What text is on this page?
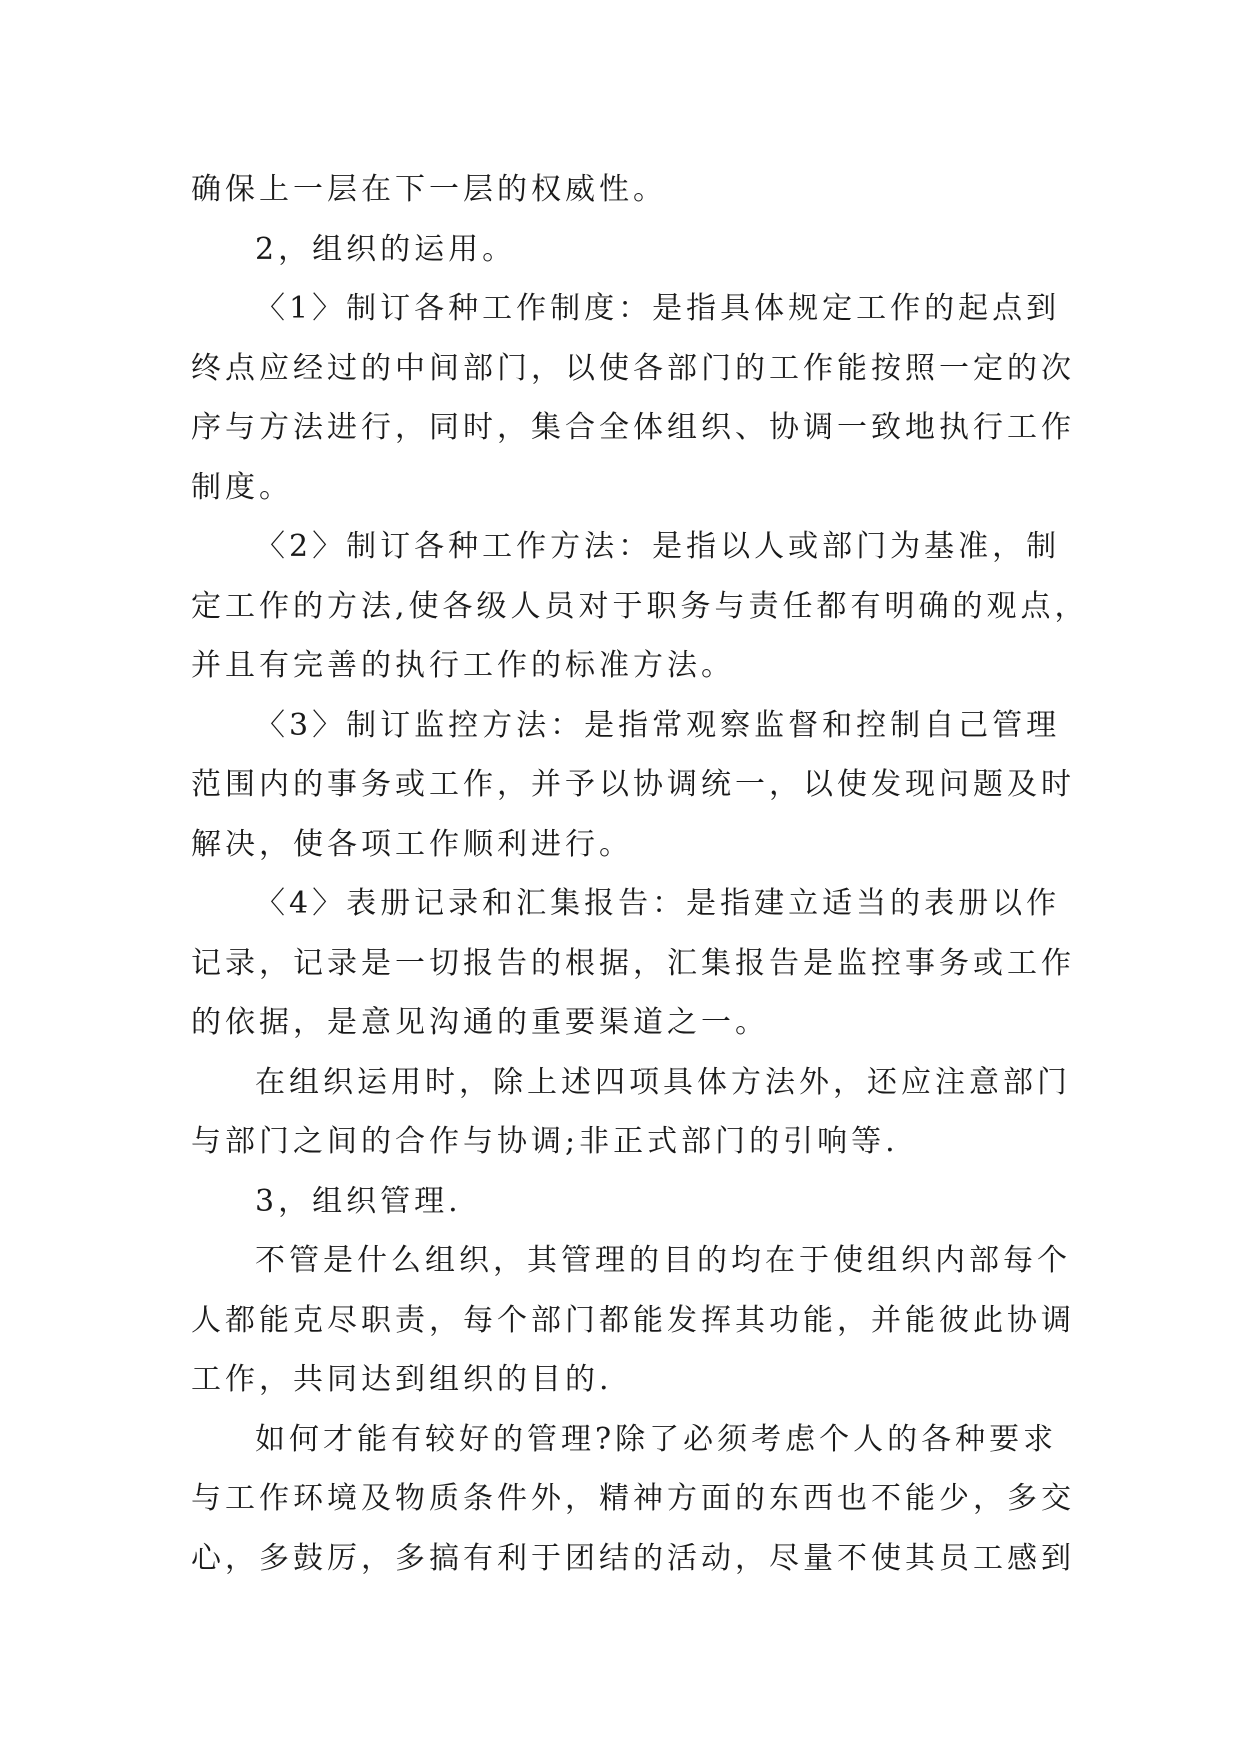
确保上一层在下一层的权威性。

2，组织的运用。

〈1〉制订各种工作制度：是指具体规定工作的起点到

终点应经过的中间部门，以使各部门的工作能按照一定的次

序与方法进行，同时，集合全体组织、协调一致地执行工作

制度。

〈2〉制订各种工作方法：是指以人或部门为基准，制

定工作的方法,使各级人员对于职务与责任都有明确的观点，

并且有完善的执行工作的标准方法。

〈3〉制订监控方法：是指常观察监督和控制自己管理

范围内的事务或工作，并予以协调统一，以使发现问题及时

解决，使各项工作顺利进行。

〈4〉表册记录和汇集报告：是指建立适当的表册以作

记录，记录是一切报告的根据，汇集报告是监控事务或工作

的依据，是意见沟通的重要渠道之一。

在组织运用时，除上述四项具体方法外，还应注意部门

与部门之间的合作与协调;非正式部门的引响等.

3，组织管理.

不管是什么组织，其管理的目的均在于使组织内部每个

人都能克尽职责，每个部门都能发挥其功能，并能彼此协调

工作，共同达到组织的目的.

如何才能有较好的管理?除了必须考虑个人的各种要求

与工作环境及物质条件外，精神方面的东西也不能少，多交

心，多鼓厉，多搞有利于团结的活动，尽量不使其员工感到
